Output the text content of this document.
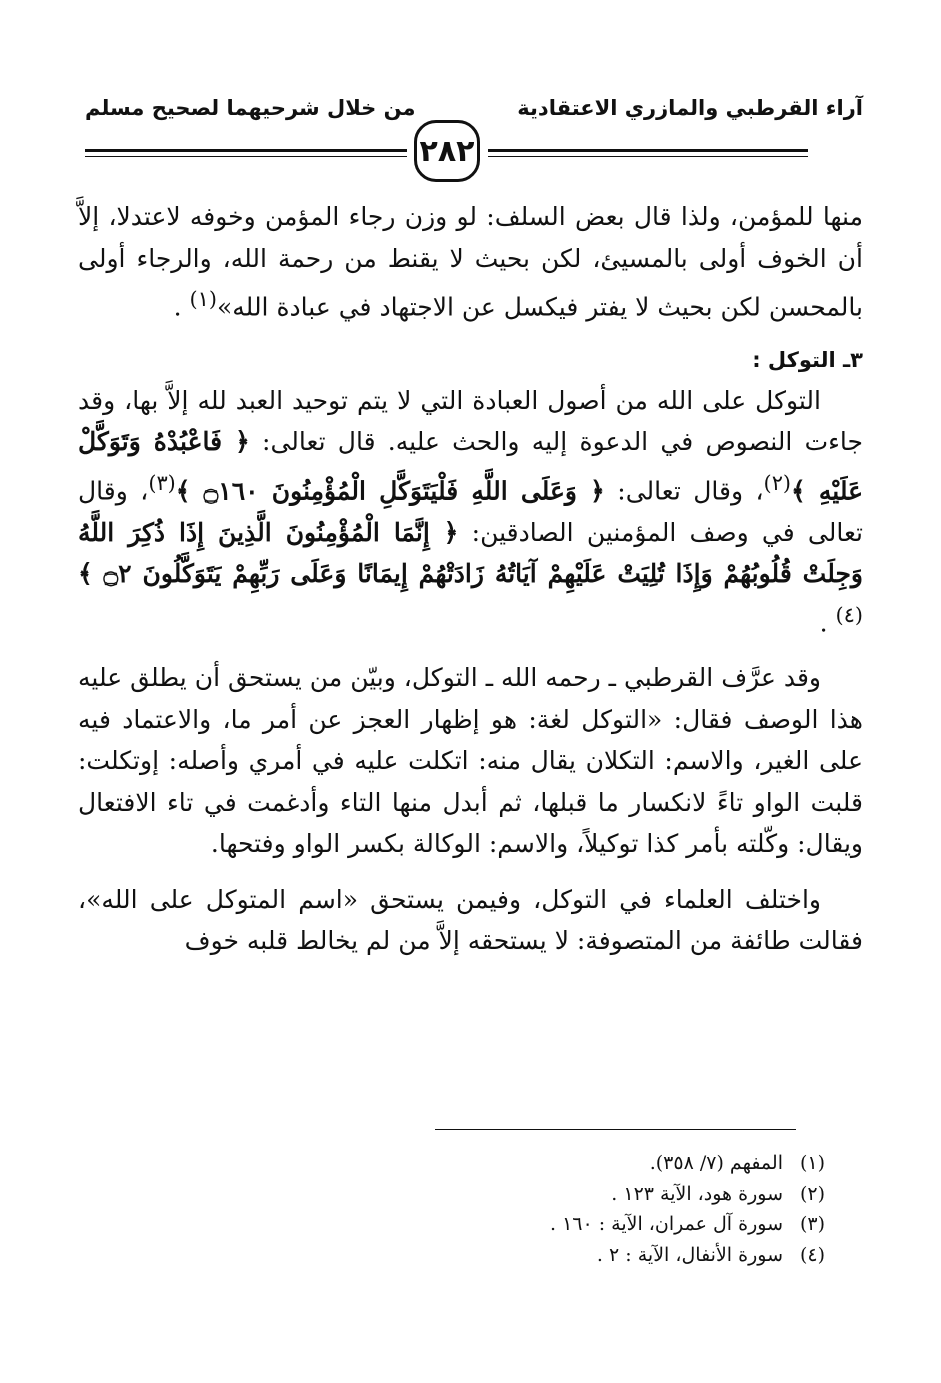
آراء القرطبي والمازري الاعتقادية
من خلال شرحيهما لصحيح مسلم
٢٨٢

منها للمؤمن، ولذا قال بعض السلف: لو وزن رجاء المؤمن وخوفه لاعتدلا، إلاَّ أن الخوف أولى بالمسيئ، لكن بحيث لا يقنط من رحمة الله، والرجاء أولى بالمحسن لكن بحيث لا يفتر فيكسل عن الاجتهاد في عبادة الله»$^{(١)}$ .

٣ـ التوكل :

التوكل على الله من أصول العبادة التي لا يتم توحيد العبد لله إلاَّ بها، وقد جاءت النصوص في الدعوة إليه والحث عليه. قال تعالى: ﴿ فَاعْبُدْهُ وَتَوَكَّلْ عَلَيْهِ ﴾$^{(٢)}$، وقال تعالى: ﴿ وَعَلَى اللَّهِ فَلْيَتَوَكَّلِ الْمُؤْمِنُونَ ۝١٦٠ ﴾$^{(٣)}$، وقال تعالى في وصف المؤمنين الصادقين: ﴿ إِنَّمَا الْمُؤْمِنُونَ الَّذِينَ إِذَا ذُكِرَ اللَّهُ وَجِلَتْ قُلُوبُهُمْ وَإِذَا تُلِيَتْ عَلَيْهِمْ آيَاتُهُ زَادَتْهُمْ إِيمَانًا وَعَلَى رَبِّهِمْ يَتَوَكَّلُونَ ۝٢ ﴾$^{(٤)}$ .

وقد عرَّف القرطبي ـ رحمه الله ـ التوكل، وبيّن من يستحق أن يطلق عليه هذا الوصف فقال: «التوكل لغة: هو إظهار العجز عن أمر ما، والاعتماد فيه على الغير، والاسم: التكلان يقال منه: اتكلت عليه في أمري وأصله: إوتكلت: قلبت الواو تاءً لانكسار ما قبلها، ثم أبدل منها التاء وأدغمت في تاء الافتعال ويقال: وكّلته بأمر كذا توكيلاً، والاسم: الوكالة بكسر الواو وفتحها.

واختلف العلماء في التوكل، وفيمن يستحق «اسم المتوكل على الله»، فقالت طائفة من المتصوفة: لا يستحقه إلاَّ من لم يخالط قلبه خوف

(١)المفهم (٧/ ٣٥٨).
(٢)سورة هود، الآية ١٢٣ .
(٣)سورة آل عمران، الآية : ١٦٠ .
(٤)سورة الأنفال، الآية : ٢ .
